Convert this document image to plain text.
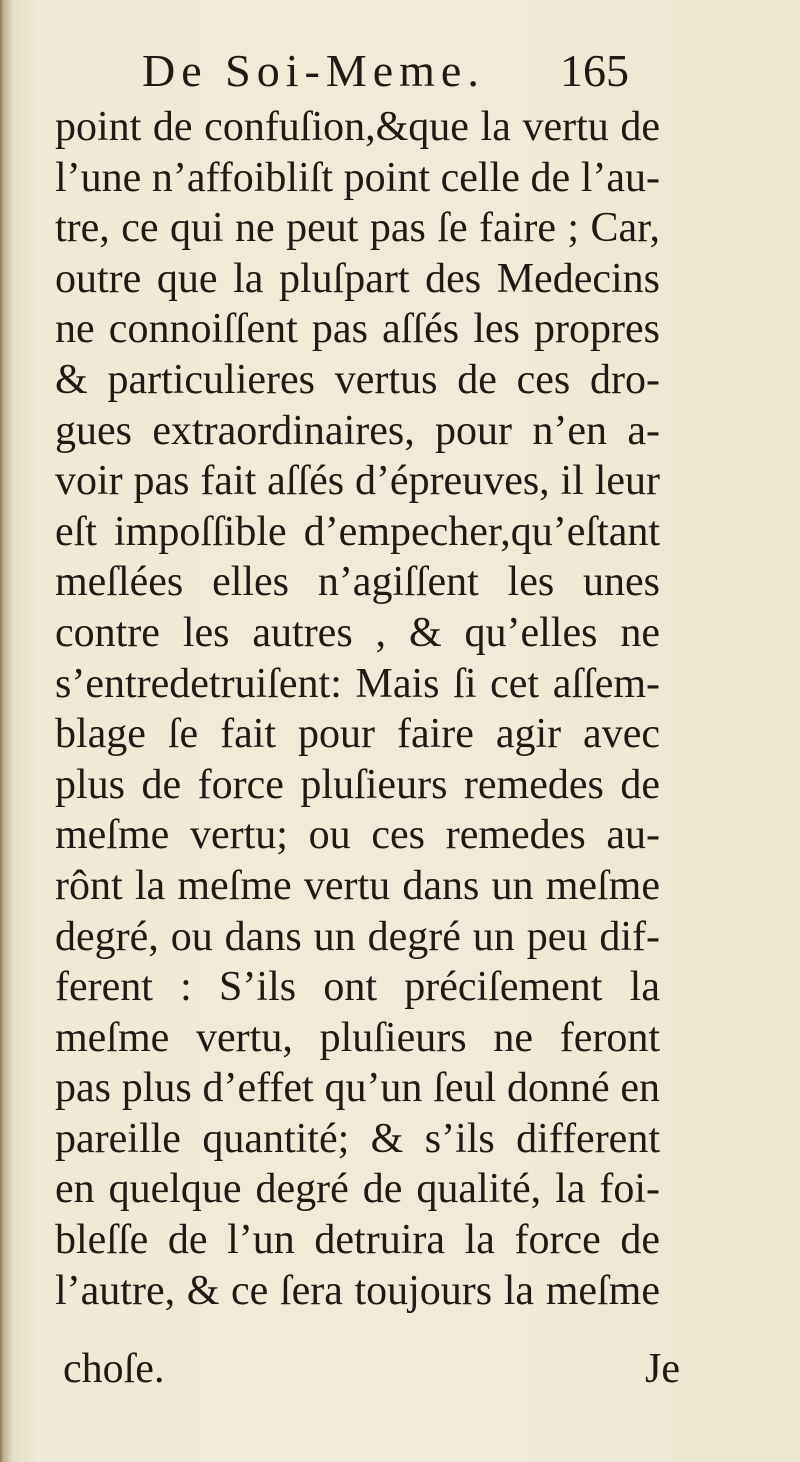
De Soi-Meme. 165
point de confuſion,&que la vertu de
l’une n’affoibliſt point celle de l’au-
tre, ce qui ne peut pas ſe faire ; Car,
outre que la pluſpart des Medecins
ne connoiſſent pas aſſés les propres
& particulieres vertus de ces dro-
gues extraordinaires, pour n’en a-
voir pas fait aſſés d’épreuves, il leur
eſt impoſſible d’empecher,qu’eſtant
meſlées elles n’agiſſent les unes
contre les autres , & qu’elles ne
s’entredetruiſent: Mais ſi cet aſſem-
blage ſe fait pour faire agir avec
plus de force pluſieurs remedes de
meſme vertu; ou ces remedes au-
rônt la meſme vertu dans un meſme
degré, ou dans un degré un peu dif-
ferent : S’ils ont préciſement la
meſme vertu, pluſieurs ne feront
pas plus d’effet qu’un ſeul donné en
pareille quantité; & s’ils different
en quelque degré de qualité, la foi-
bleſſe de l’un detruira la force de
l’autre, & ce ſera toujours la meſme
choſe.	Je
